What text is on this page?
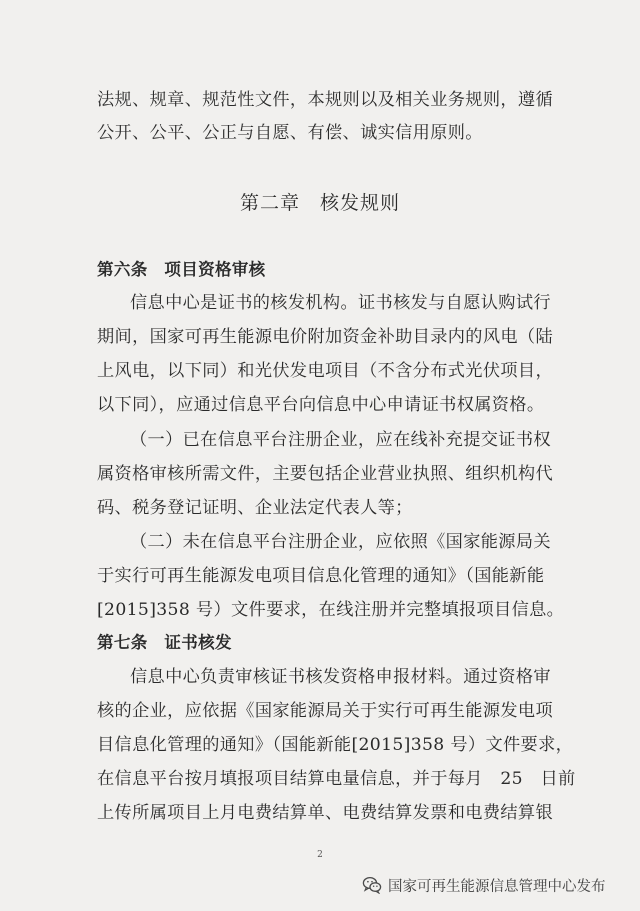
法规、规章、规范性文件，本规则以及相关业务规则，遵循
公开、公平、公正与自愿、有偿、诚实信用原则。
第二章　核发规则
第六条　项目资格审核
信息中心是证书的核发机构。证书核发与自愿认购试行
期间，国家可再生能源电价附加资金补助目录内的风电（陆
上风电，以下同）和光伏发电项目（不含分布式光伏项目，
以下同），应通过信息平台向信息中心申请证书权属资格。
（一）已在信息平台注册企业，应在线补充提交证书权
属资格审核所需文件，主要包括企业营业执照、组织机构代
码、税务登记证明、企业法定代表人等；
（二）未在信息平台注册企业，应依照《国家能源局关
于实行可再生能源发电项目信息化管理的通知》（国能新能
[2015]358 号）文件要求，在线注册并完整填报项目信息。
第七条　证书核发
信息中心负责审核证书核发资格申报材料。通过资格审
核的企业，应依据《国家能源局关于实行可再生能源发电项
目信息化管理的通知》（国能新能[2015]358 号）文件要求，
在信息平台按月填报项目结算电量信息，并于每月　25　日前
上传所属项目上月电费结算单、电费结算发票和电费结算银
2
国家可再生能源信息管理中心发布
